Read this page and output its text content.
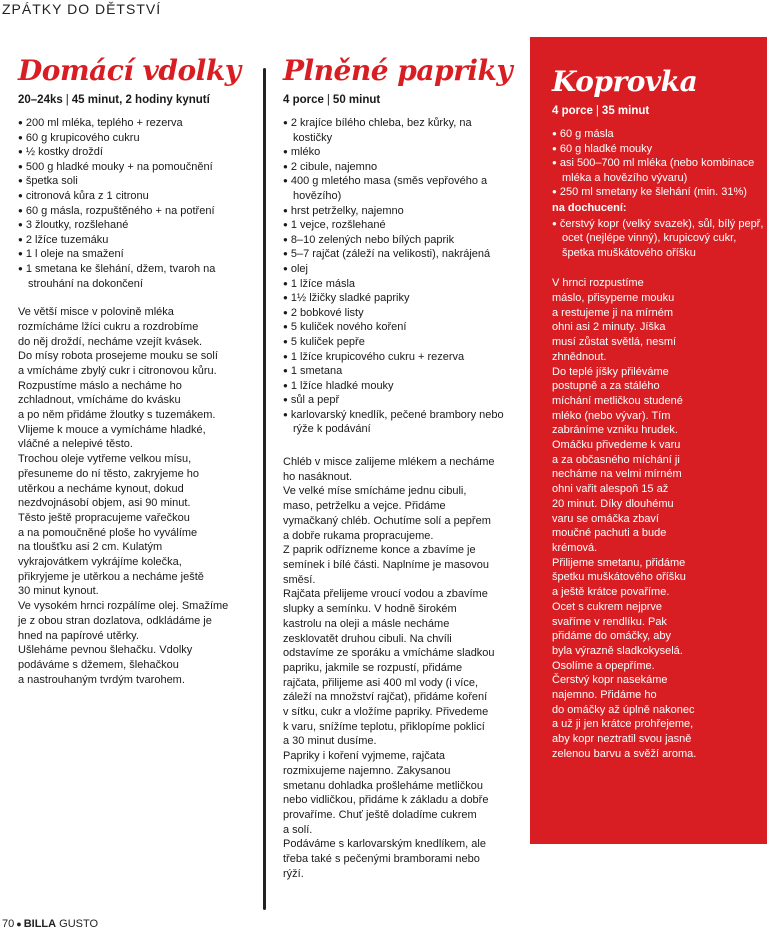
ZPÁTKY DO DĚTSTVÍ
Domácí vdolky
20–24ks | 45 minut, 2 hodiny kynutí
● 200 ml mléka, teplého + rezerva
● 60 g krupicového cukru
● ½ kostky droždí
● 500 g hladké mouky + na pomoučnění
● špetka soli
● citronová kůra z 1 citronu
● 60 g másla, rozpuštěného + na potření
● 3 žloutky, rozšlehané
● 2 lžíce tuzemáku
● 1 l oleje na smažení
● 1 smetana ke šlehání, džem, tvaroh na strouhání na dokončení
Ve větší misce v polovině mléka
rozmícháme lžíci cukru a rozdrobíme
do něj droždí, necháme vzejít kvásek.
Do mísy robota prosejeme mouku se solí
a vmícháme zbylý cukr i citronovou kůru.
Rozpustíme máslo a necháme ho
zchladnout, vmícháme do kvásku
a po něm přidáme žloutky s tuzemákem.
Vlijeme k mouce a vymícháme hladké,
vláčné a nelepivé těsto.
Trochou oleje vytřeme velkou mísu,
přesuneme do ní těsto, zakryjeme ho
utěrkou a necháme kynout, dokud
nezdvojnásobí objem, asi 90 minut.
Těsto ještě propracujeme vařečkou
a na pomoučněné ploše ho vyválíme
na tloušťku asi 2 cm. Kulatým
vykrajovátkem vykrájíme kolečka,
přikryjeme je utěrkou a necháme ještě
30 minut kynout.
Ve vysokém hrnci rozpálíme olej. Smažíme
je z obou stran dozlatova, odkládáme je
hned na papírové utěrky.
Ušleháme pevnou šlehačku. Vdolky
podáváme s džemem, šlehačkou
a nastrouhaným tvrdým tvarohem.
Plněné papriky
4 porce | 50 minut
● 2 krajíce bílého chleba, bez kůrky, na kostičky
● mléko
● 2 cibule, najemno
● 400 g mletého masa (směs vepřového a hovězího)
● hrst petrželky, najemno
● 1 vejce, rozšlehané
● 8–10 zelených nebo bílých paprik
● 5–7 rajčat (záleží na velikosti), nakrájená
● olej
● 1 lžíce másla
● 1½ lžičky sladké papriky
● 2 bobkové listy
● 5 kuliček nového koření
● 5 kuliček pepře
● 1 lžíce krupicového cukru + rezerva
● 1 smetana
● 1 lžíce hladké mouky
● sůl a pepř
● karlovarský knedlík, pečené brambory nebo rýže k podávání
Chléb v misce zalijeme mlékem a necháme
ho nasáknout.
Ve velké míse smícháme jednu cibuli,
maso, petrželku a vejce. Přidáme
vymačkaný chléb. Ochutíme solí a pepřem
a dobře rukama propracujeme.
Z paprik odřízneme konce a zbavíme je
semínek i bílé části. Naplníme je masovou
směsí.
Rajčata přelijeme vroucí vodou a zbavíme
slupky a semínku. V hodně širokém
kastrolu na oleji a másle necháme
zesklovatět druhou cibuli. Na chvíli
odstavíme ze sporáku a vmícháme sladkou
papriku, jakmile se rozpustí, přidáme
rajčata, přilijeme asi 400 ml vody (i více,
záleží na množství rajčat), přidáme koření
v sítku, cukr a vložíme papriky. Přivedeme
k varu, snížíme teplotu, přiklopíme poklicí
a 30 minut dusíme.
Papriky i koření vyjmeme, rajčata
rozmixujeme najemno. Zakysanou
smetanu dohladka prošleháme metličkou
nebo vidličkou, přidáme k základu a dobře
provaříme. Chuť ještě doladíme cukrem
a solí.
Podáváme s karlovarským knedlíkem, ale
třeba také s pečenými bramborami nebo
rýží.
Koprovka
4 porce | 35 minut
● 60 g másla
● 60 g hladké mouky
● asi 500–700 ml mléka (nebo kombinace mléka a hovězího vývaru)
● 250 ml smetany ke šlehání (min. 31%)
na dochucení:
● čerstvý kopr (velký svazek), sůl, bílý pepř, ocet (nejlépe vinný), krupicový cukr, špetka muškátového oříšku
V hrnci rozpustíme
máslo, přisypeme mouku
a restujeme ji na mírném
ohni asi 2 minuty. Jíška
musí zůstat světlá, nesmí
zhnědnout.
Do teplé jíšky přiléváme
postupně a za stálého
míchání metličkou studené
mléko (nebo vývar). Tím
zabráníme vzniku hrudek.
Omáčku přivedeme k varu
a za občasného míchání ji
necháme na velmi mírném
ohni vařit alespoň 15 až
20 minut. Díky dlouhému
varu se omáčka zbaví
moučné pachuti a bude
krémová.
Přilijeme smetanu, přidáme
špetku muškátového oříšku
a ještě krátce povaříme.
Ocet s cukrem nejprve
svaříme v rendlíku. Pak
přidáme do omáčky, aby
byla výrazně sladkokyselá.
Osolíme a opepříme.
Čerstvý kopr nasekáme
najemno. Přidáme ho
do omáčky až úplně nakonec
a už ji jen krátce prohřejeme,
aby kopr neztratil svou jasně
zelenou barvu a svěží aroma.
70 ● BILLA GUSTO
